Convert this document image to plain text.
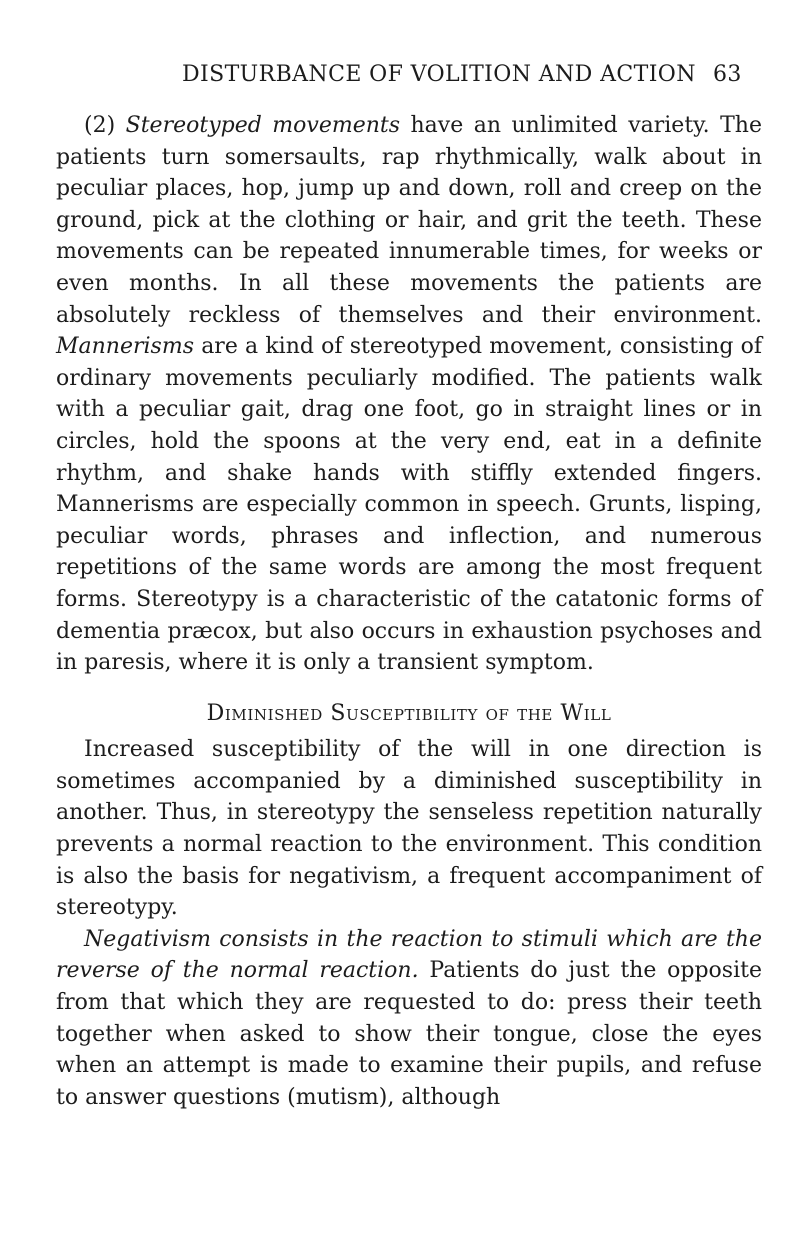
DISTURBANCE OF VOLITION AND ACTION 63

(2) Stereotyped movements have an unlimited variety. The patients turn somersaults, rap rhythmically, walk about in peculiar places, hop, jump up and down, roll and creep on the ground, pick at the clothing or hair, and grit the teeth. These movements can be repeated innumerable times, for weeks or even months. In all these movements the patients are absolutely reckless of themselves and their environment. Mannerisms are a kind of stereotyped movement, consisting of ordinary movements peculiarly modified. The patients walk with a peculiar gait, drag one foot, go in straight lines or in circles, hold the spoons at the very end, eat in a definite rhythm, and shake hands with stiffly extended fingers. Mannerisms are especially common in speech. Grunts, lisping, peculiar words, phrases and inflection, and numerous repetitions of the same words are among the most frequent forms. Stereotypy is a characteristic of the catatonic forms of dementia præcox, but also occurs in exhaustion psychoses and in paresis, where it is only a transient symptom.

Diminished Susceptibility of the Will

Increased susceptibility of the will in one direction is sometimes accompanied by a diminished susceptibility in another. Thus, in stereotypy the senseless repetition naturally prevents a normal reaction to the environment. This condition is also the basis for negativism, a frequent accompaniment of stereotypy.

Negativism consists in the reaction to stimuli which are the reverse of the normal reaction. Patients do just the opposite from that which they are requested to do: press their teeth together when asked to show their tongue, close the eyes when an attempt is made to examine their pupils, and refuse to answer questions (mutism), although
